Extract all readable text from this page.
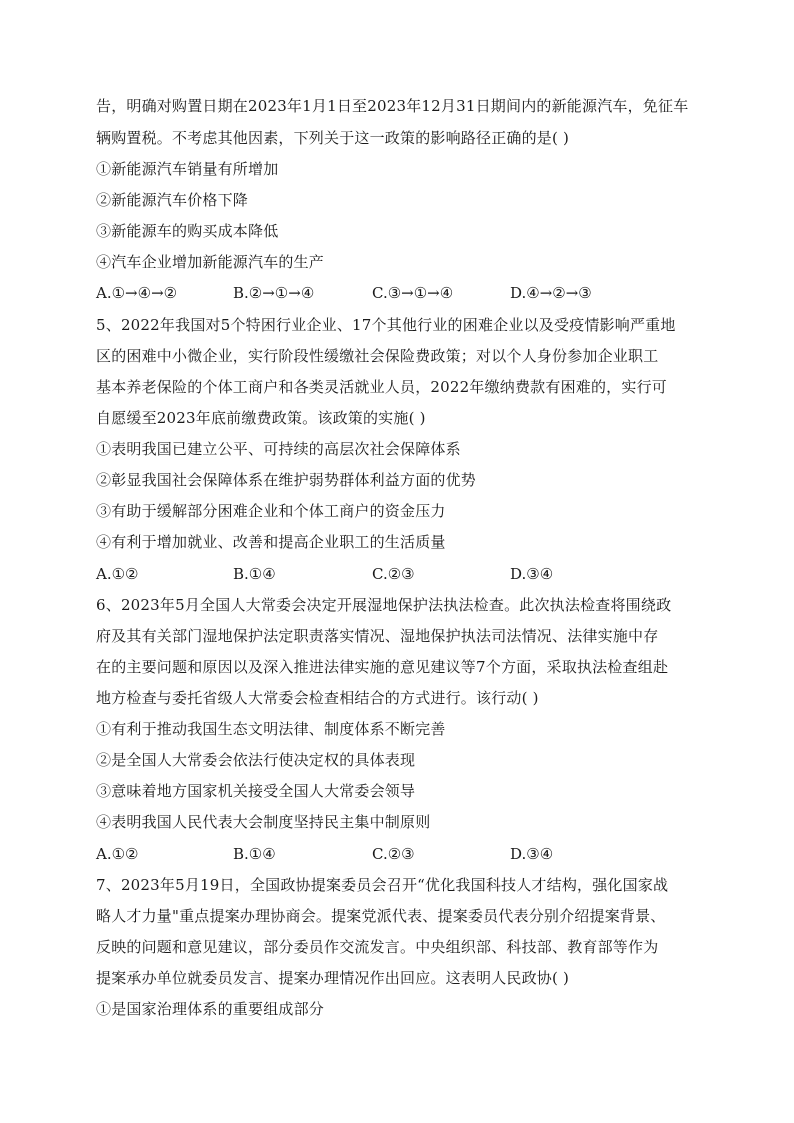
告，明确对购置日期在2023年1月1日至2023年12月31日期间内的新能源汽车，免征车
辆购置税。不考虑其他因素，下列关于这一政策的影响路径正确的是( )
①新能源汽车销量有所增加
②新能源汽车价格下降
③新能源车的购买成本降低
④汽车企业增加新能源汽车的生产
A.①→④→②	B.②→①→④	C.③→①→④	D.④→②→③
5、2022年我国对5个特困行业企业、17个其他行业的困难企业以及受疫情影响严重地
区的困难中小微企业，实行阶段性缓缴社会保险费政策；对以个人身份参加企业职工
基本养老保险的个体工商户和各类灵活就业人员，2022年缴纳费款有困难的，实行可
自愿缓至2023年底前缴费政策。该政策的实施( )
①表明我国已建立公平、可持续的高层次社会保障体系
②彰显我国社会保障体系在维护弱势群体利益方面的优势
③有助于缓解部分困难企业和个体工商户的资金压力
④有利于增加就业、改善和提高企业职工的生活质量
A.①②	B.①④	C.②③	D.③④
6、2023年5月全国人大常委会决定开展湿地保护法执法检查。此次执法检查将围绕政
府及其有关部门湿地保护法定职责落实情况、湿地保护执法司法情况、法律实施中存
在的主要问题和原因以及深入推进法律实施的意见建议等7个方面，采取执法检查组赴
地方检查与委托省级人大常委会检查相结合的方式进行。该行动( )
①有利于推动我国生态文明法律、制度体系不断完善
②是全国人大常委会依法行使决定权的具体表现
③意味着地方国家机关接受全国人大常委会领导
④表明我国人民代表大会制度坚持民主集中制原则
A.①②	B.①④	C.②③	D.③④
7、2023年5月19日，全国政协提案委员会召开“优化我国科技人才结构，强化国家战
略人才力量"重点提案办理协商会。提案党派代表、提案委员代表分别介绍提案背景、
反映的问题和意见建议，部分委员作交流发言。中央组织部、科技部、教育部等作为
提案承办单位就委员发言、提案办理情况作出回应。这表明人民政协( )
①是国家治理体系的重要组成部分
